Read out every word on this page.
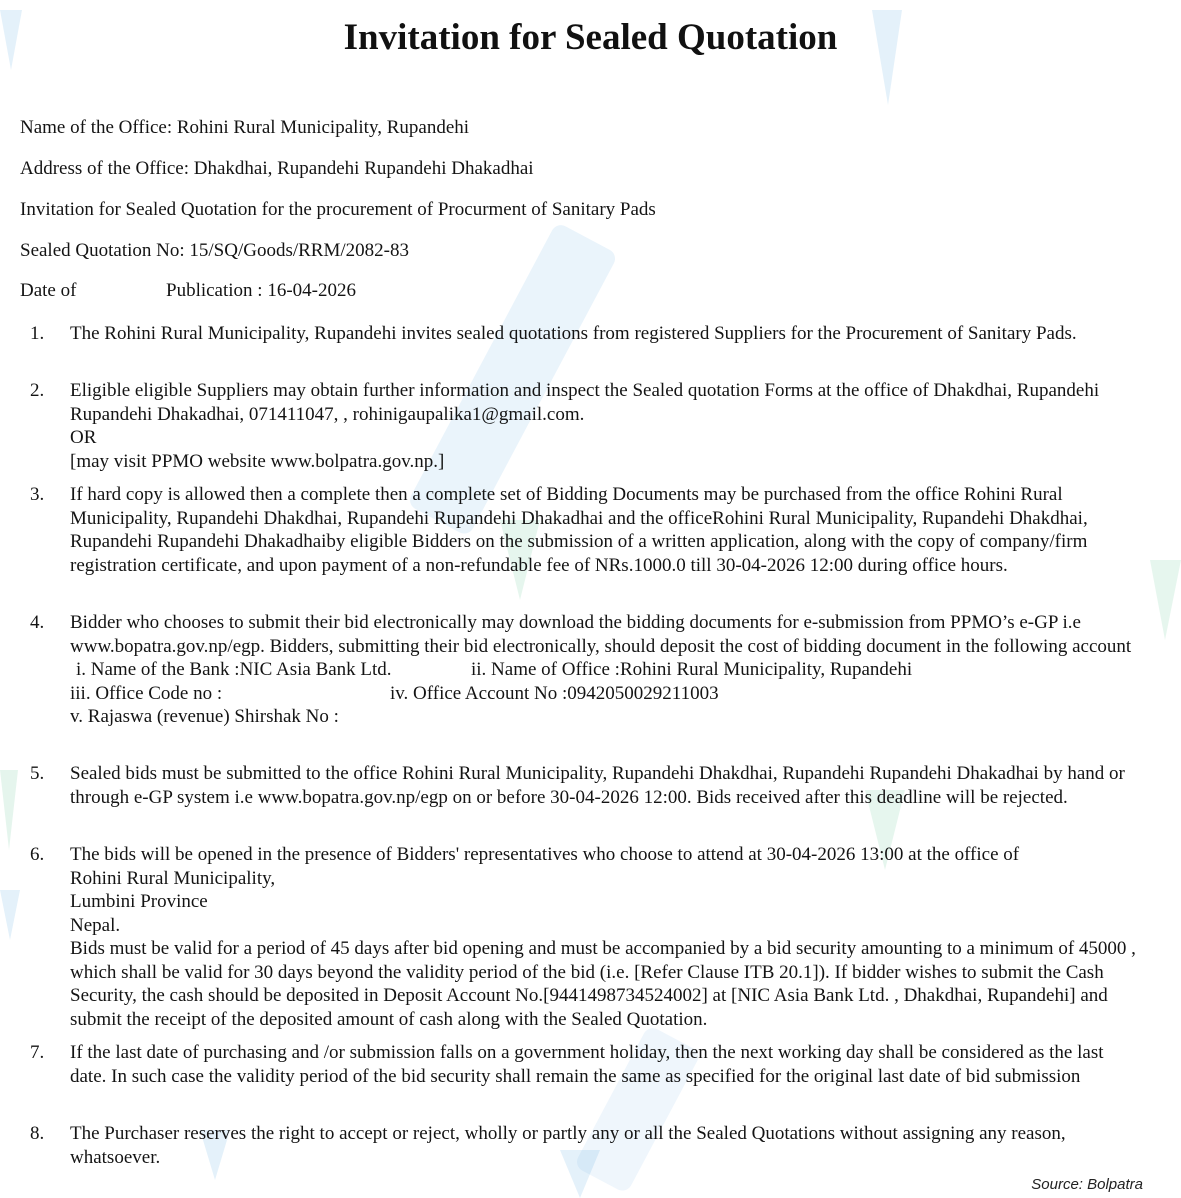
Invitation for Sealed Quotation
Name of the Office: Rohini Rural Municipality, Rupandehi
Address of the Office: Dhakdhai, Rupandehi Rupandehi Dhakadhai
Invitation for Sealed Quotation for the procurement of Procurment of Sanitary Pads
Sealed Quotation No: 15/SQ/Goods/RRM/2082-83
Date of	Publication : 16-04-2026
1. The Rohini Rural Municipality, Rupandehi invites sealed quotations from registered Suppliers for the Procurement of Sanitary Pads.
2. Eligible eligible Suppliers may obtain further information and inspect the Sealed quotation Forms at the office of Dhakdhai, Rupandehi Rupandehi Dhakadhai, 071411047, , rohinigaupalika1@gmail.com.
OR
[may visit PPMO website www.bolpatra.gov.np.]
3. If hard copy is allowed then a complete then a complete set of Bidding Documents may be purchased from the office Rohini Rural Municipality, Rupandehi Dhakdhai, Rupandehi Rupandehi Dhakadhai and the officeRohini Rural Municipality, Rupandehi Dhakdhai, Rupandehi Rupandehi Dhakadhaiby eligible Bidders on the submission of a written application, along with the copy of company/firm registration certificate, and upon payment of a non-refundable fee of NRs.1000.0 till 30-04-2026 12:00 during office hours.
4. Bidder who chooses to submit their bid electronically may download the bidding documents for e-submission from PPMO’s e-GP i.e www.bopatra.gov.np/egp. Bidders, submitting their bid electronically, should deposit the cost of bidding document in the following account
i. Name of the Bank :NIC Asia Bank Ltd.	ii. Name of Office :Rohini Rural Municipality, Rupandehi
iii. Office Code no :	iv. Office Account No :0942050029211003
v. Rajaswa (revenue) Shirshak No :
5. Sealed bids must be submitted to the office Rohini Rural Municipality, Rupandehi Dhakdhai, Rupandehi Rupandehi Dhakadhai by hand or through e-GP system i.e www.bopatra.gov.np/egp on or before 30-04-2026 12:00. Bids received after this deadline will be rejected.
6. The bids will be opened in the presence of Bidders' representatives who choose to attend at 30-04-2026 13:00 at the office of
Rohini Rural Municipality,
Lumbini Province
Nepal.
Bids must be valid for a period of 45 days after bid opening and must be accompanied by a bid security amounting to a minimum of 45000 , which shall be valid for 30 days beyond the validity period of the bid (i.e. [Refer Clause ITB 20.1]). If bidder wishes to submit the Cash Security, the cash should be deposited in Deposit Account No.[9441498734524002] at [NIC Asia Bank Ltd. , Dhakdhai, Rupandehi] and submit the receipt of the deposited amount of cash along with the Sealed Quotation.
7. If the last date of purchasing and /or submission falls on a government holiday, then the next working day shall be considered as the last date. In such case the validity period of the bid security shall remain the same as specified for the original last date of bid submission
8. The Purchaser reserves the right to accept or reject, wholly or partly any or all the Sealed Quotations without assigning any reason, whatsoever.
Source: Bolpatra
